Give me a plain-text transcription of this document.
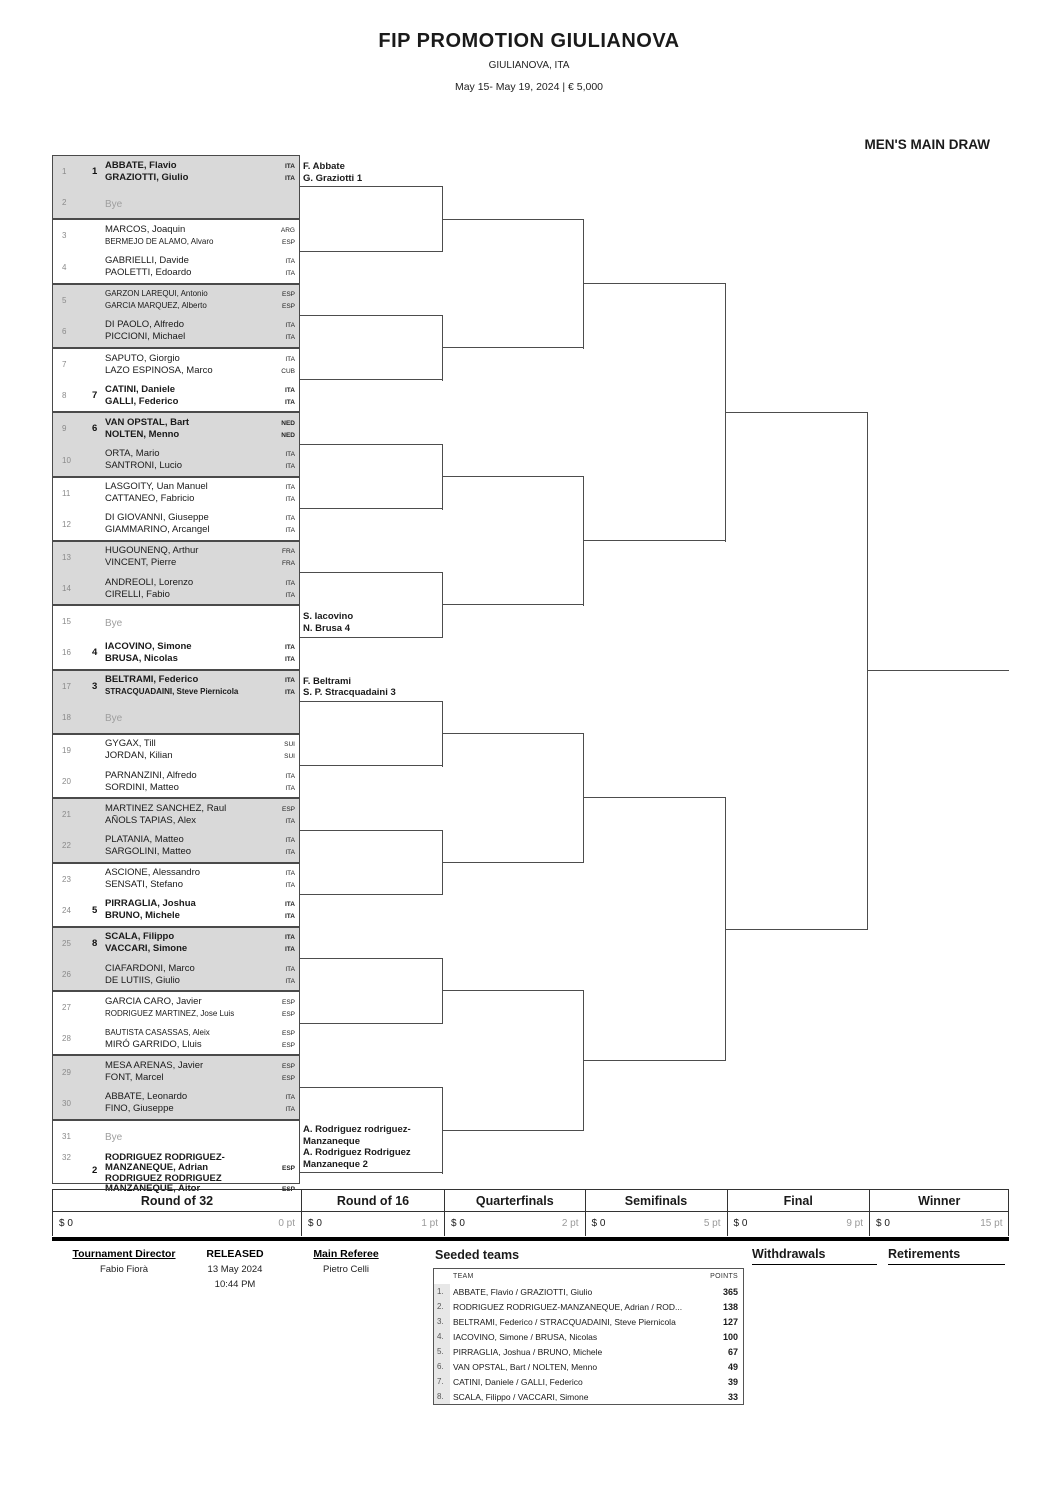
FIP PROMOTION GIULIANOVA
GIULIANOVA, ITA
May 15- May 19, 2024 | € 5,000
MEN'S MAIN DRAW
1	1
ABBATE, Flavio	ITA
GRAZIOTTI, Giulio	ITA
2	Bye
3
MARCOS, Joaquin	ARG
BERMEJO DE ALAMO, Alvaro	ESP
4
GABRIELLI, Davide	ITA
PAOLETTI, Edoardo	ITA
5
GARZON LAREQUI, Antonio	ESP
GARCIA MARQUEZ, Alberto	ESP
6
DI PAOLO, Alfredo	ITA
PICCIONI, Michael	ITA
7
SAPUTO, Giorgio	ITA
LAZO ESPINOSA, Marco	CUB
8	7
CATINI, Daniele	ITA
GALLI, Federico	ITA
9	6
VAN OPSTAL, Bart	NED
NOLTEN, Menno	NED
10
ORTA, Mario	ITA
SANTRONI, Lucio	ITA
11
LASGOITY, Uan Manuel	ITA
CATTANEO, Fabricio	ITA
12
DI GIOVANNI, Giuseppe	ITA
GIAMMARINO, Arcangel	ITA
13
HUGOUNENQ, Arthur	FRA
VINCENT, Pierre	FRA
14
ANDREOLI, Lorenzo	ITA
CIRELLI, Fabio	ITA
15	Bye
16	4
IACOVINO, Simone	ITA
BRUSA, Nicolas	ITA
17	3
BELTRAMI, Federico	ITA
STRACQUADAINI, Steve Piernicola	ITA
18	Bye
19
GYGAX, Till	SUI
JORDAN, Kilian	SUI
20
PARNANZINI, Alfredo	ITA
SORDINI, Matteo	ITA
21
MARTINEZ SANCHEZ, Raul	ESP
AÑOLS TAPIAS, Alex	ITA
22
PLATANIA, Matteo	ITA
SARGOLINI, Matteo	ITA
23
ASCIONE, Alessandro	ITA
SENSATI, Stefano	ITA
24	5
PIRRAGLIA, Joshua	ITA
BRUNO, Michele	ITA
25	8
SCALA, Filippo	ITA
VACCARI, Simone	ITA
26
CIAFARDONI, Marco	ITA
DE LUTIIS, Giulio	ITA
27
GARCIA CARO, Javier	ESP
RODRIGUEZ MARTINEZ, Jose Luis	ESP
28
BAUTISTA CASASSAS, Aleix	ESP
MIRÓ GARRIDO, Lluis	ESP
29
MESA ARENAS, Javier	ESP
FONT, Marcel	ESP
30
ABBATE, Leonardo	ITA
FINO, Giuseppe	ITA
31	Bye
32
2
RODRIGUEZ RODRIGUEZ-
MANZANEQUE, Adrian	ESP
RODRIGUEZ RODRIGUEZ
MANZANEQUE, Aitor	ESP
F. Abbate
G. Graziotti 1
S. Iacovino
N. Brusa 4
F. Beltrami
S. P. Stracquadaini 3
A. Rodriguez rodriguez-
Manzaneque
A. Rodriguez Rodriguez
Manzaneque 2
Round of 32
$ 0	0 pt
Round of 16
$ 0	1 pt
Quarterfinals
$ 0	2 pt
Semifinals
$ 0	5 pt
Final
$ 0	9 pt
Winner
$ 0	15 pt
Tournament Director
Fabio Fiorà
RELEASED
13 May 2024
10:44 PM
Main Referee
Pietro Celli
Seeded teams
TEAM	POINTS
1.	ABBATE, Flavio / GRAZIOTTI, Giulio	365
2.	RODRIGUEZ RODRIGUEZ-MANZANEQUE, Adrian / ROD...	138
3.	BELTRAMI, Federico / STRACQUADAINI, Steve Piernicola	127
4.	IACOVINO, Simone / BRUSA, Nicolas	100
5.	PIRRAGLIA, Joshua / BRUNO, Michele	67
6.	VAN OPSTAL, Bart / NOLTEN, Menno	49
7.	CATINI, Daniele / GALLI, Federico	39
8.	SCALA, Filippo / VACCARI, Simone	33
Withdrawals	Retirements
